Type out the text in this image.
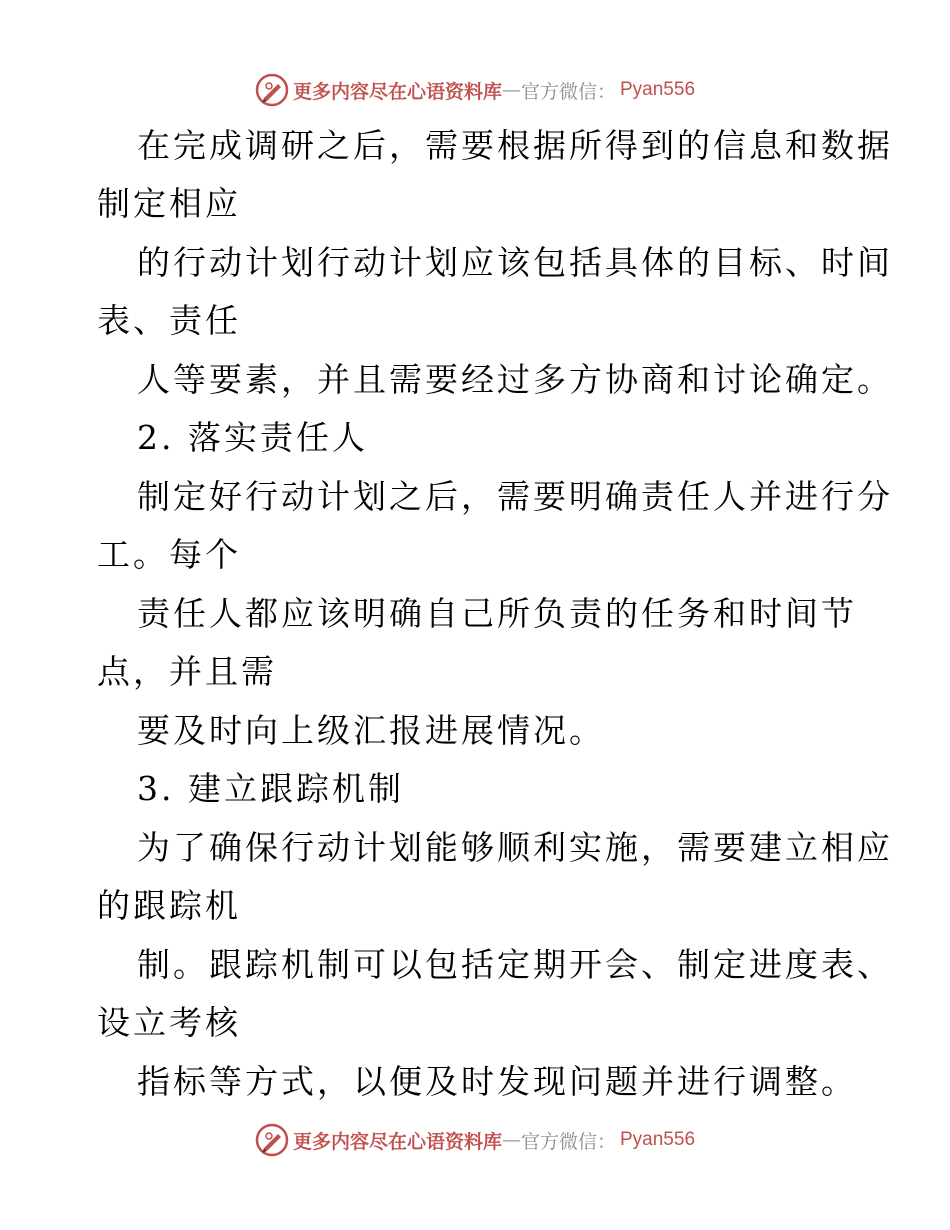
更多内容尽在心语资料库 — 官方微信： Pyan556
在完成调研之后，需要根据所得到的信息和数据
制定相应
的行动计划行动计划应该包括具体的目标、时间
表、责任
人等要素，并且需要经过多方协商和讨论确定。
2. 落实责任人
制定好行动计划之后，需要明确责任人并进行分
工。每个
责任人都应该明确自己所负责的任务和时间节
点，并且需
要及时向上级汇报进展情况。
3. 建立跟踪机制
为了确保行动计划能够顺利实施，需要建立相应
的跟踪机
制。跟踪机制可以包括定期开会、制定进度表、
设立考核
指标等方式，以便及时发现问题并进行调整。
更多内容尽在心语资料库 — 官方微信： Pyan556
